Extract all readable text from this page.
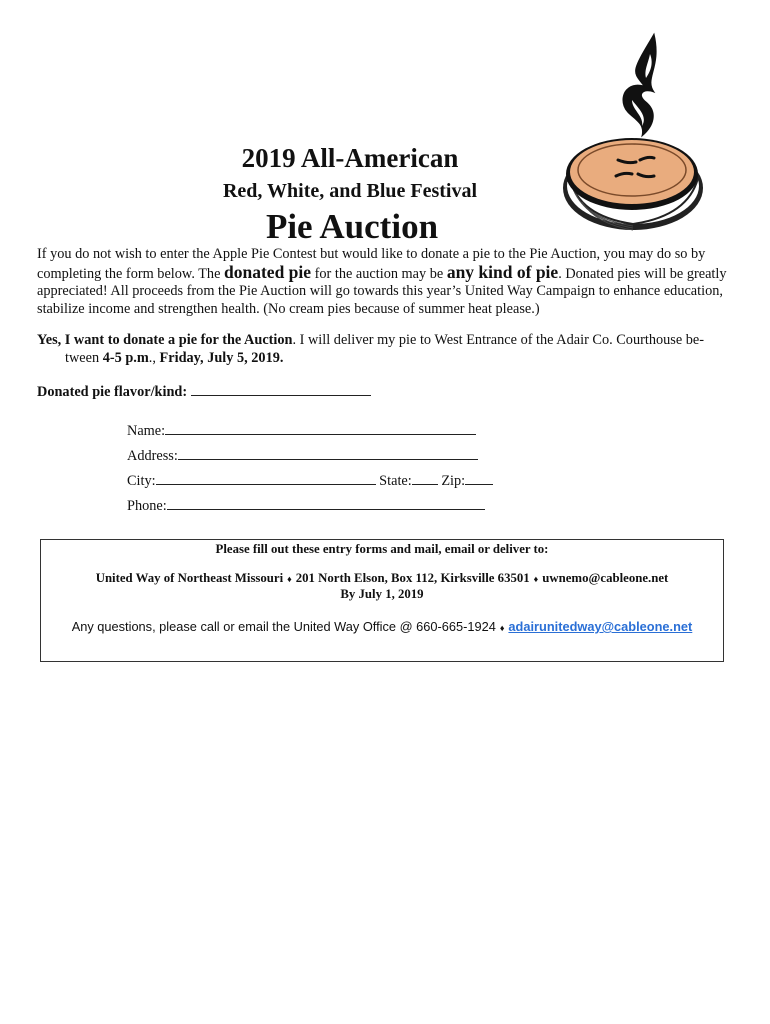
2019 All-American
Red, White, and Blue Festival
Pie Auction

If you do not wish to enter the Apple Pie Contest but would like to donate a pie to the Pie Auction, you may do so by completing the form below. The donated pie for the auction may be any kind of pie. Donated pies will be greatly appreciated! All proceeds from the Pie Auction will go towards this year’s United Way Campaign to enhance education, stabilize income and strengthen health. (No cream pies because of summer heat please.)

Yes, I want to donate a pie for the Auction. I will deliver my pie to West Entrance of the Adair Co. Courthouse be-
tween 4-5 p.m., Friday, July 5, 2019.

Donated pie flavor/kind:
Name:
Address:
City:	State: Zip:
Phone:
Please fill out these entry forms and mail, email or deliver to:
United Way of Northeast Missouri ♦ 201 North Elson, Box 112, Kirksville 63501 ♦ uwnemo@cableone.net
By July 1, 2019
Any questions, please call or email the United Way Office @ 660-665-1924 ♦ adairunitedway@cableone.net
